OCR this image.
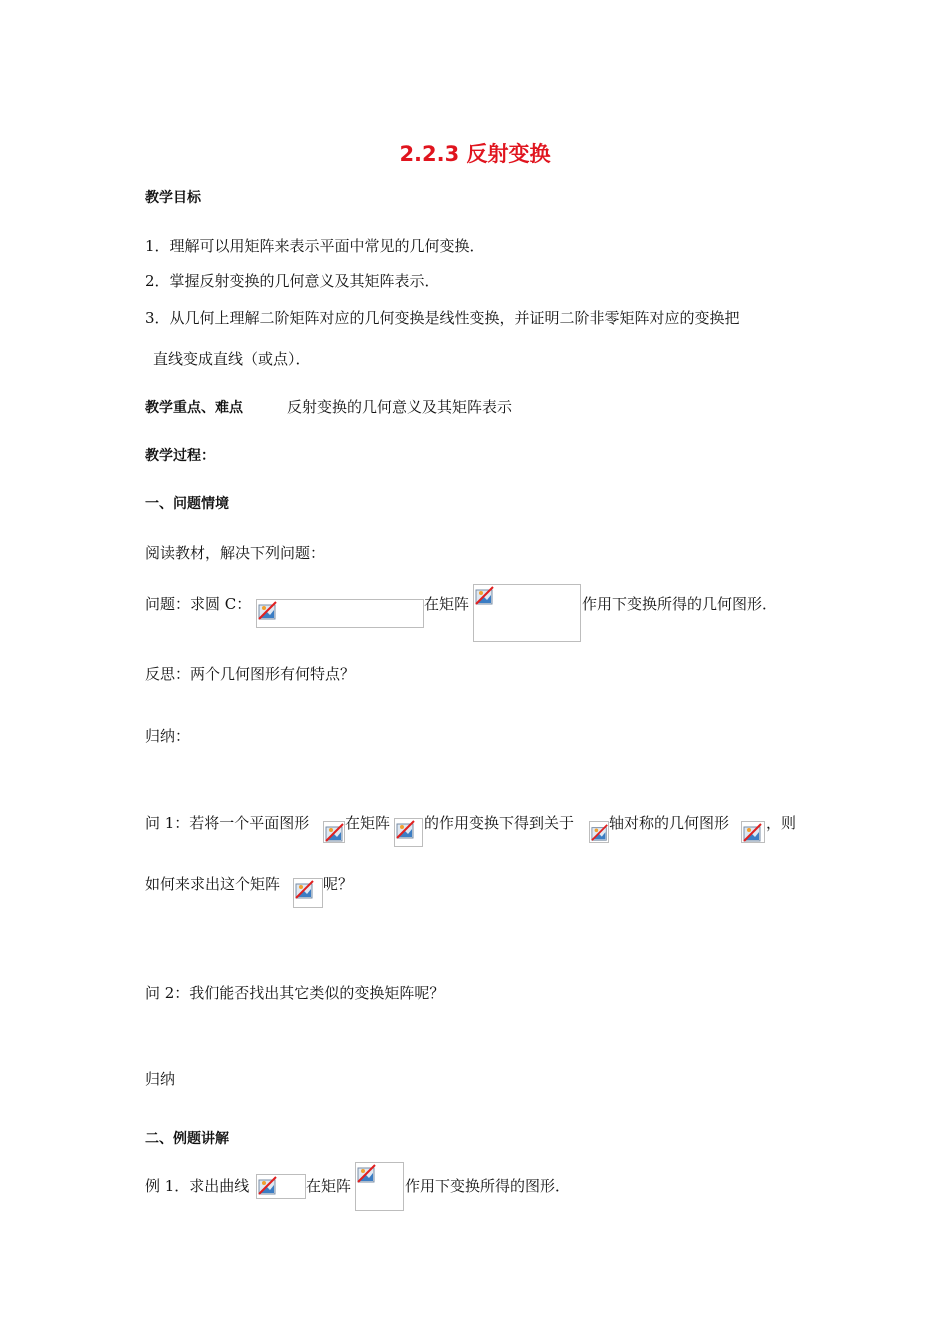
2.2.3 反射变换
教学目标
1．理解可以用矩阵来表示平面中常见的几何变换．
2．掌握反射变换的几何意义及其矩阵表示．
3．从几何上理解二阶矩阵对应的几何变换是线性变换，并证明二阶非零矩阵对应的变换把
直线变成直线（或点）．
教学重点、难点	反射变换的几何意义及其矩阵表示
教学过程：
一、问题情境
阅读教材，解决下列问题：
问题：求圆 C：	在矩阵	作用下变换所得的几何图形．
反思：两个几何图形有何特点？
归纳：
问 1：若将一个平面图形 在矩阵 的作用变换下得到关于 轴对称的几何图形 ，则
如何来求出这个矩阵	呢？
问 2：我们能否找出其它类似的变换矩阵呢？
归纳
二、例题讲解
例 1．求出曲线	在矩阵	作用下变换所得的图形．
